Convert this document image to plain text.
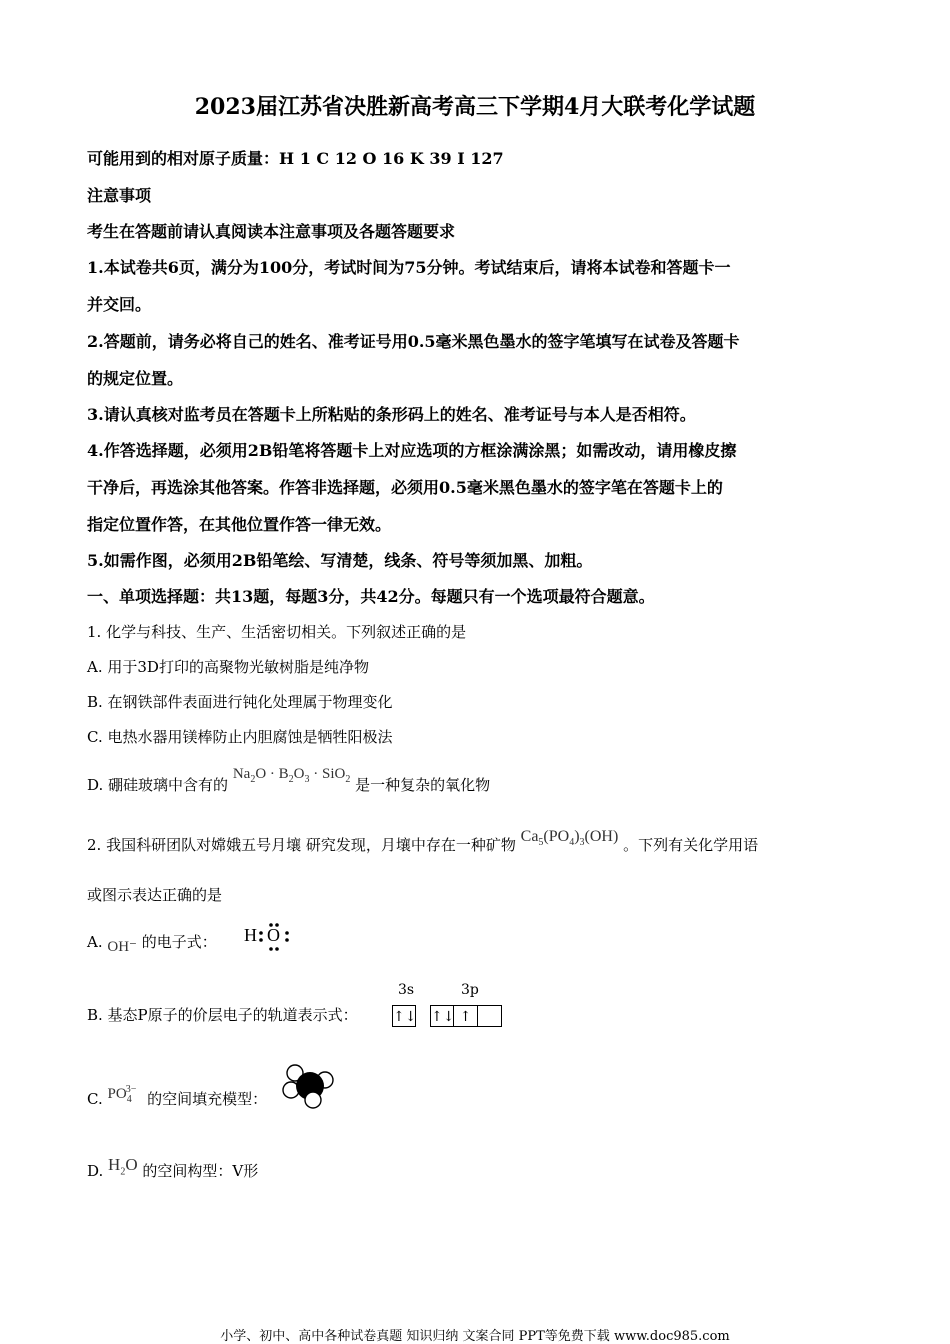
2023届江苏省决胜新高考高三下学期4月大联考化学试题
可能用到的相对原子质量：H 1 C 12 O 16 K 39 I 127
注意事项
考生在答题前请认真阅读本注意事项及各题答题要求
1.本试卷共6页，满分为100分，考试时间为75分钟。考试结束后，请将本试卷和答题卡一
并交回。
2.答题前，请务必将自己的姓名、准考证号用0.5毫米黑色墨水的签字笔填写在试卷及答题卡
的规定位置。
3.请认真核对监考员在答题卡上所粘贴的条形码上的姓名、准考证号与本人是否相符。
4.作答选择题，必须用2B铅笔将答题卡上对应选项的方框涂满涂黑；如需改动，请用橡皮擦
干净后，再选涂其他答案。作答非选择题，必须用0.5毫米黑色墨水的签字笔在答题卡上的
指定位置作答，在其他位置作答一律无效。
5.如需作图，必须用2B铅笔绘、写清楚，线条、符号等须加黑、加粗。
一、单项选择题：共13题，每题3分，共42分。每题只有一个选项最符合题意。
1. 化学与科技、生产、生活密切相关。下列叙述正确的是
A. 用于3D打印的高聚物光敏树脂是纯净物
B. 在钢铁部件表面进行钝化处理属于物理变化
C. 电热水器用镁棒防止内胆腐蚀是牺牲阳极法
D. 硼硅玻璃中含有的 $Na_2O \cdot B_2O_3 \cdot SiO_2$ 是一种复杂的氧化物
2. 我国科研团队对嫦娥五号月壤 研究发现，月壤中存在一种矿物 $Ca_5(PO_4)_3(OH)$ 。下列有关化学用语
或图示表达正确的是
A. OH⁻ 的电子式： H O
B. 基态P原子的价层电子的轨道表示式：
3s	3p
↑↓ ↑↓ ↑
C. $PO_4^{3-}$ 的空间填充模型：
D. $H_2O$ 的空间构型：V形
小学、初中、高中各种试卷真题 知识归纳 文案合同 PPT等免费下载 www.doc985.com
